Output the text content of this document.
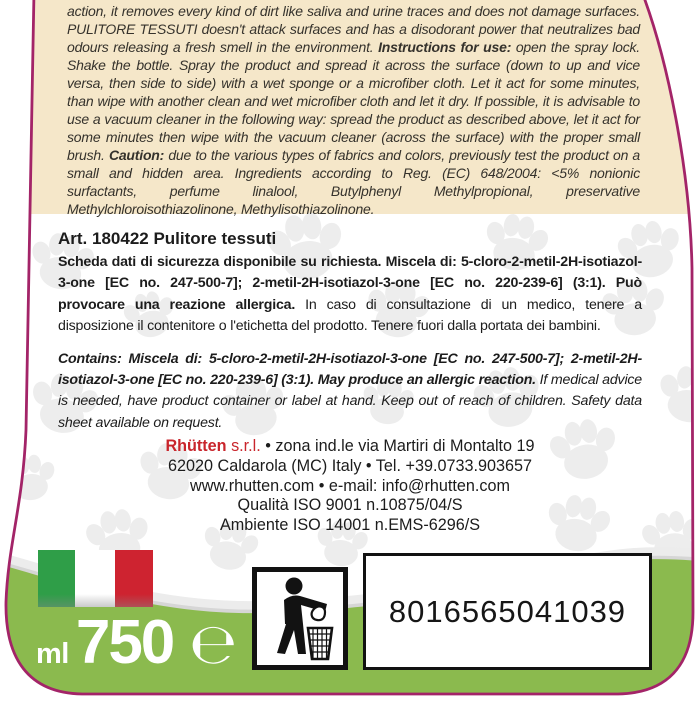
action, it removes every kind of dirt like saliva and urine traces and does not damage surfaces. PULITORE TESSUTI doesn't attack surfaces and has a disodorant power that neutralizes bad odours releasing a fresh smell in the environment. Instructions for use: open the spray lock. Shake the bottle. Spray the product and spread it across the surface (down to up and vice versa, then side to side) with a wet sponge or a microfiber cloth. Let it act for some minutes, than wipe with another clean and wet microfiber cloth and let it dry. If possible, it is advisable to use a vacuum cleaner in the following way: spread the product as described above, let it act for some minutes then wipe with the vacuum cleaner (across the surface) with the proper small brush. Caution: due to the various types of fabrics and colors, previously test the product on a small and hidden area. Ingredients according to Reg. (EC) 648/2004: <5% nonionic surfactants, perfume linalool, Butylphenyl Methylpropional, preservative Methylchloroisothiazolinone, Methylisothiazolinone.

Art. 180422 Pulitore tessuti

Scheda dati di sicurezza disponibile su richiesta. Miscela di: 5-cloro-2-metil-2H-isotiazol-3-one [EC no. 247-500-7]; 2-metil-2H-isotiazol-3-one [EC no. 220-239-6] (3:1). Può provocare una reazione allergica. In caso di consultazione di un medico, tenere a disposizione il contenitore o l'etichetta del prodotto. Tenere fuori dalla portata dei bambini.

Contains: Miscela di: 5-cloro-2-metil-2H-isotiazol-3-one [EC no. 247-500-7]; 2-metil-2H-isotiazol-3-one [EC no. 220-239-6] (3:1). May produce an allergic reaction. If medical advice is needed, have product container or label at hand. Keep out of reach of children. Safety data sheet available on request.

Rhütten s.r.l. • zona ind.le via Martiri di Montalto 19
62020 Caldarola (MC) Italy • Tel. +39.0733.903657
www.rhutten.com • e-mail: info@rhutten.com
Qualità ISO 9001 n.10875/04/S
Ambiente ISO 14001 n.EMS-6296/S
ml 750 ℮
8016565041039
